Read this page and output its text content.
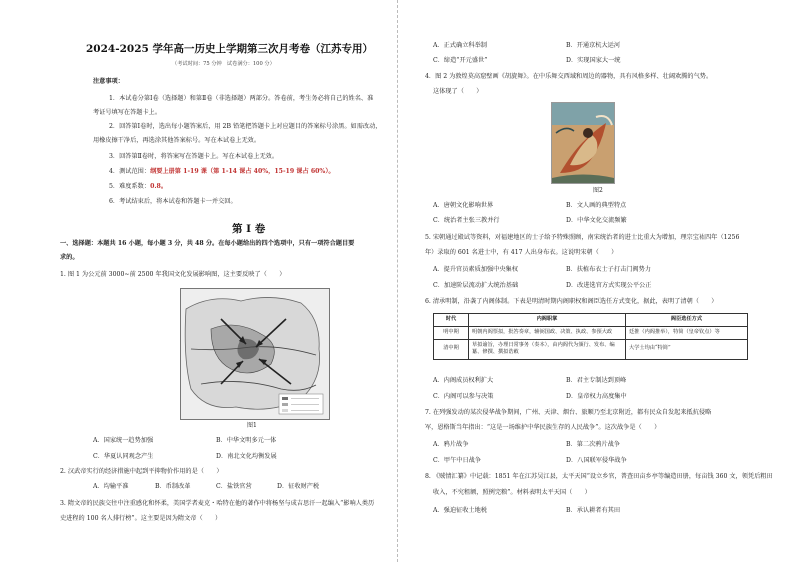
2024-2025 学年高一历史上学期第三次月考卷（江苏专用）
（考试时间：75 分钟　试卷满分：100 分）
注意事项：
1．本试卷分第Ⅰ卷（选择题）和第Ⅱ卷（非选择题）两部分。答卷前，考生务必将自己的姓名、准
考证号填写在答题卡上。
2．回答第Ⅰ卷时，选出每小题答案后，用 2B 铅笔把答题卡上对应题目的答案标号涂黑。如需改动，
用橡皮擦干净后，再选涂其他答案标号。写在本试卷上无效。
3．回答第Ⅱ卷时，将答案写在答题卡上。写在本试卷上无效。
4．测试范围：纲要上册第 1-19 课（第 1-14 课占 40%，15-19 课占 60%）。
5．难度系数：0.8。
6．考试结束后，将本试卷和答题卡一并交回。
第 Ⅰ 卷
一、选择题：本题共 16 小题，每小题 3 分，共 48 分。在每小题给出的四个选项中，只有一项符合题目要
求的。
1. 图 1 为公元前 3000~前 2500 年我国文化发展影响图，这主要反映了（　　）
图1
A．国家统一趋势加强	B．中华文明多元一体
C．华夏认同观念产生	D．南北文化均衡发展
2. 汉武帝实行的经济措施中起到平抑物价作用的是（　　）
A．均输平准	B．币制改革	C．盐铁官营	D．征收财产税
3. 隋文帝的民族交往中注重感化和怀柔，美国学者麦克・哈特在他的著作中将杨坚与成吉思汗一起编入“影响人类历
史进程的 100 名人排行榜”。这主要是因为隋文帝（　　）
A．正式确立科举制	B．开通京杭大运河
C．缔造“开元盛世”	D．实现国家大一统
4．图 2 为敦煌莫高窟壁画《胡旋舞》。在中乐舞交西域和周边的器物，具有风格多样、壮阔欢腾的气势。
这体现了（　　）
图2
A．唐朝文化影响世界	B．文人画的典型特点
C．统治者主张三教并行	D．中华文化交流频繁
5. 宋朝通过殿试等资料，对福建地区的士子给予特殊照顾，南宋统治者的进士比重大为增加，理宗宝祐四年（1256
年）录取的 601 名进士中，有 417 人出身布衣。这说明宋朝（　　）
A．提升官员素质加强中央集权	B．扶植布衣士子打击门阀势力
C．加速阶层流动扩大统治基础	D．改进选官方式实现公平公正
6. 清承明制，沿袭了内阁体制。下表是明清时期内阁职权和阁臣选任方式变化，据此，表明了清朝（　　）
时代	内阁职掌	阁臣选任方式
明中期	明朝内阁票拟，批答奏章，辅弼国政、决策、执政、参预大政	廷推（内阁推举），特简（皇帝钦点）等
清中期	草拟谕旨，办理日常事务（奏本），由内阁代为颁行、发布、编纂、修撰、撰拟诰敕	大学士均由“特简”
A．内阁成员权利扩大	B．君主专制达到顶峰
C．内阁可以参与决策	D．皇帝权力高度集中
7. 在列强发动的某次侵华战争期间，广州、天津、烟台、旅顺乃至北京附近，都有民众自发起来抵抗侵略
军，恩格斯当年指出：“这是一场维护中华民族生存的人民战争”。这次战争是（　　）
A．鸦片战争	B．第二次鸦片战争
C．甲午中日战争	D．八国联军侵华战争
8. 《贼情汇纂》中记载：1851 年在江苏吴江县，太平天国“设立乡官，普查田亩乡亭等编造田册，每亩钱 360 文，领凭后粗田
收入，不究租额，照例完粮”。材料表明太平天国（　　）
A．强迫征收土地税	B．承认耕者有其田
